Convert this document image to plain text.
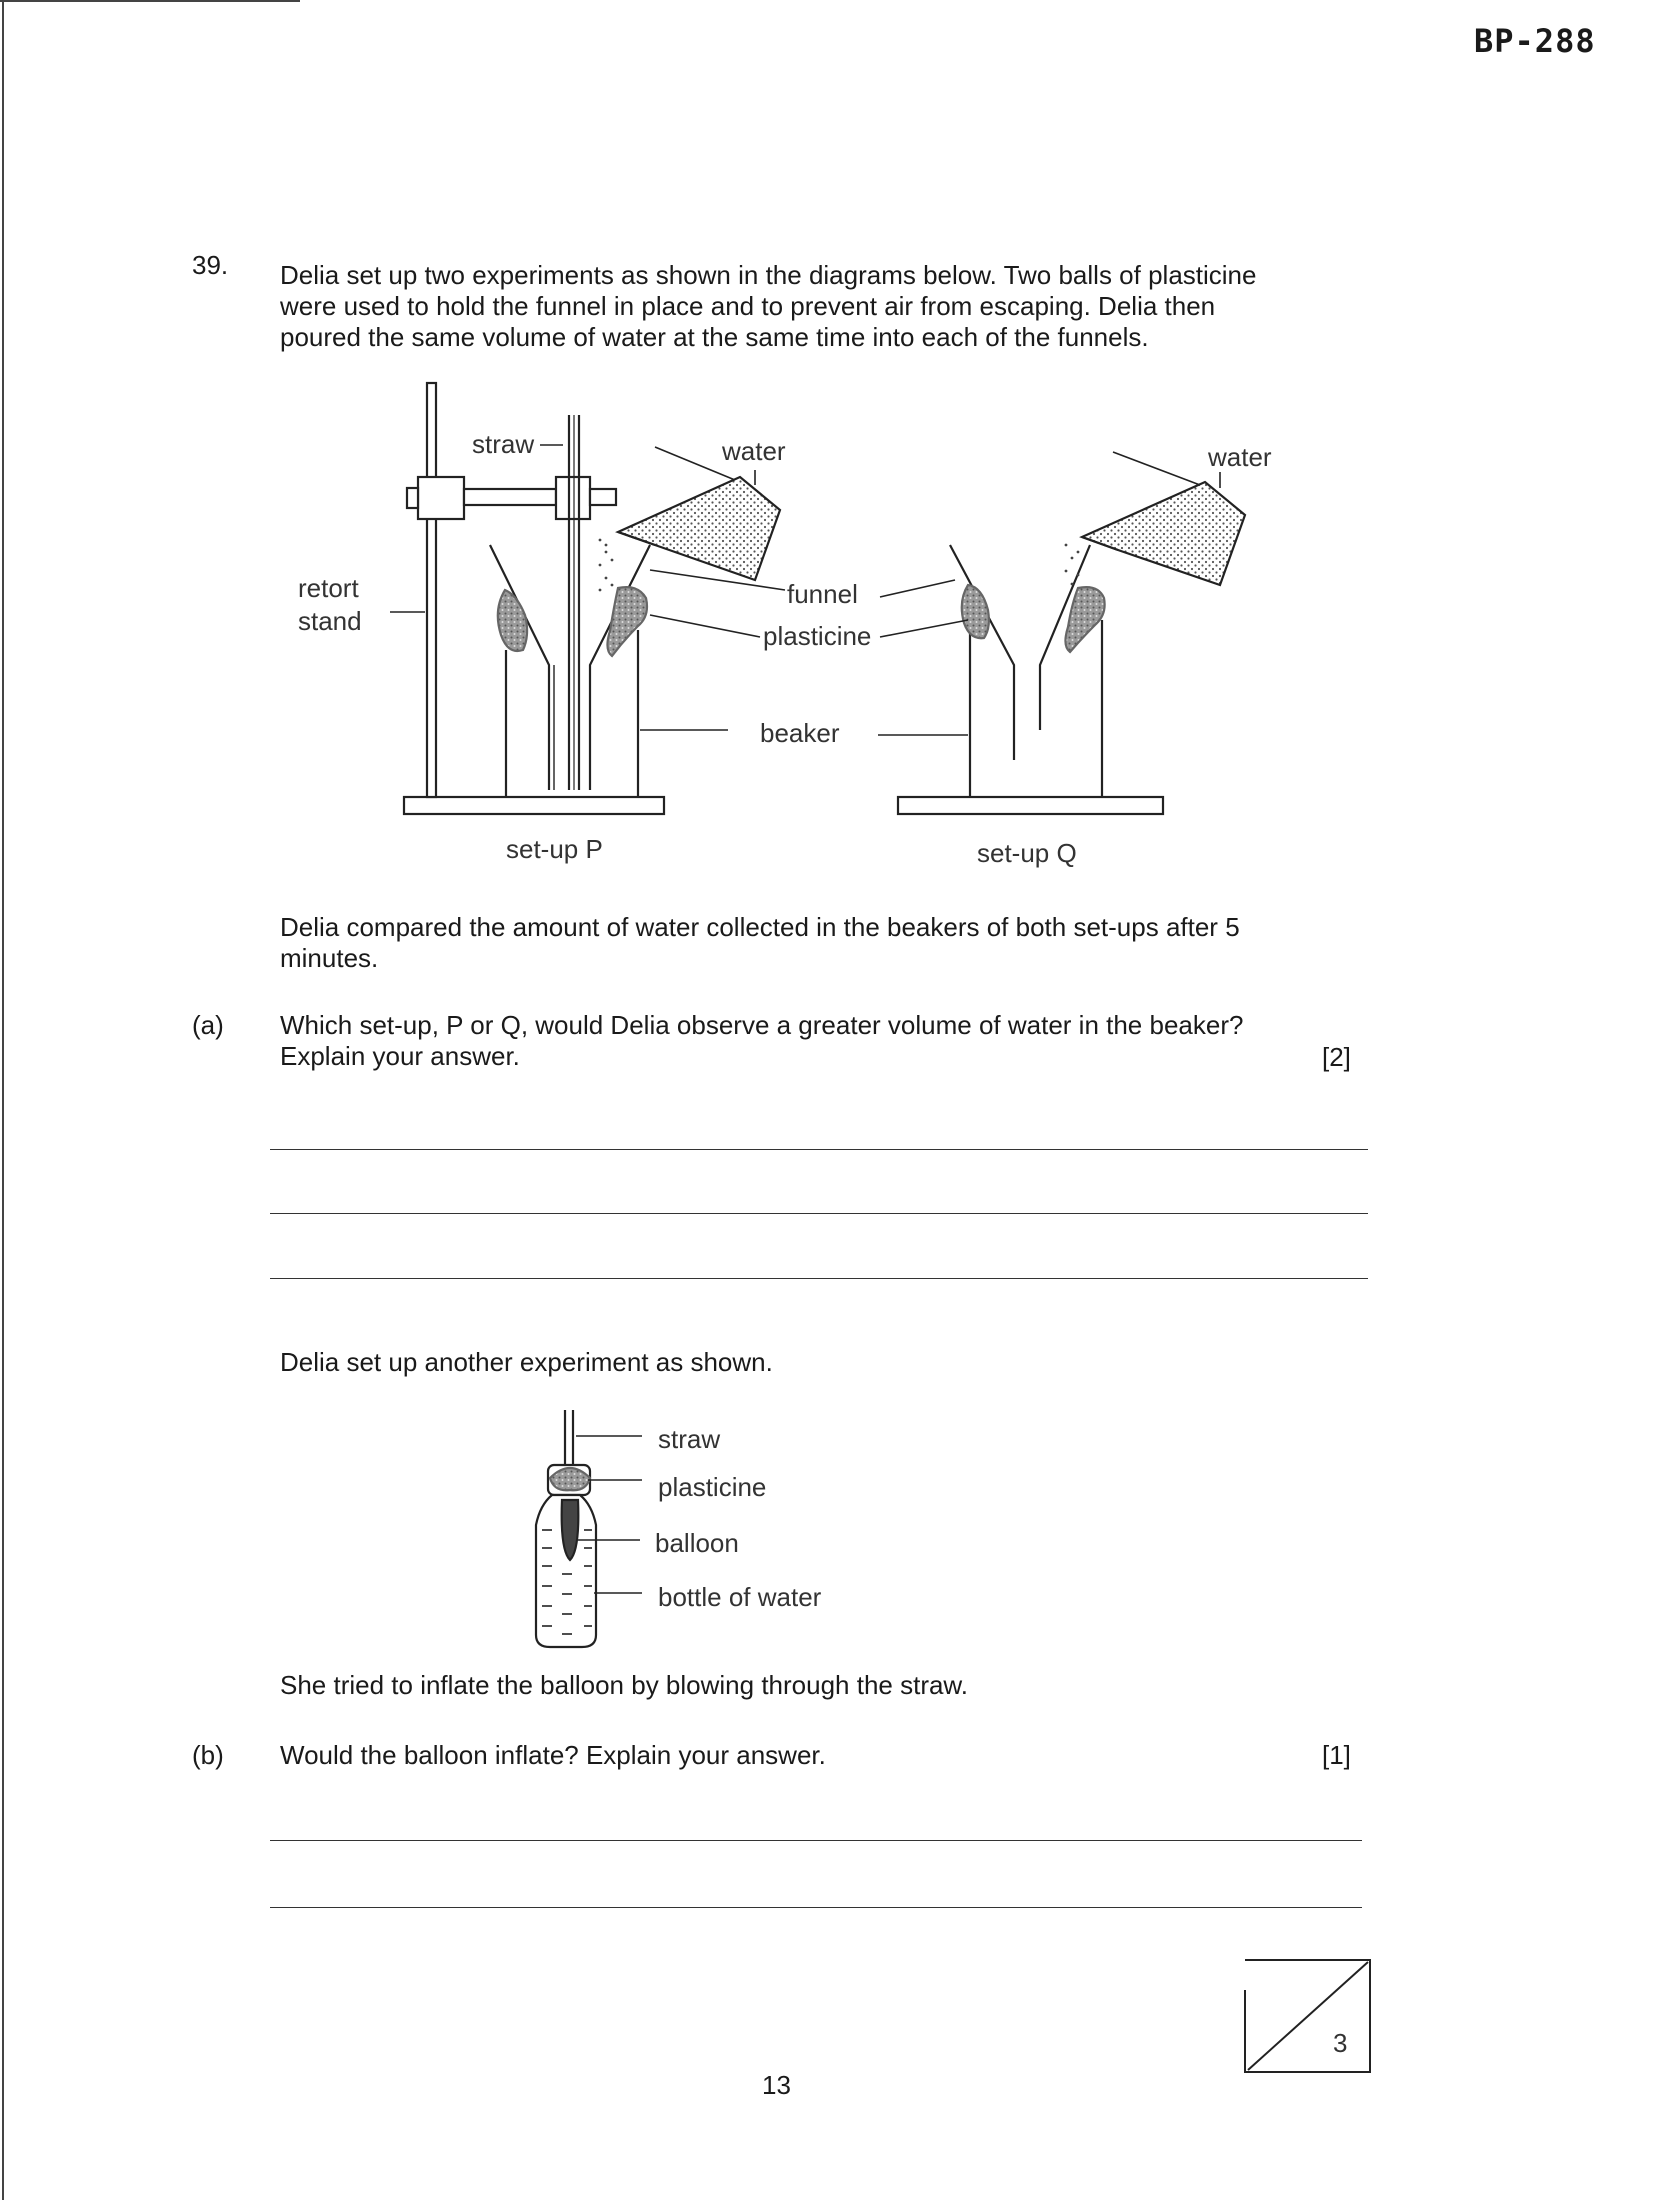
BP-288
39. Delia set up two experiments as shown in the diagrams below. Two balls of plasticine
were used to hold the funnel in place and to prevent air from escaping. Delia then
poured the same volume of water at the same time into each of the funnels.
straw	water	water
retort
stand
funnel
plasticine
beaker
set-up P	set-up Q
straw
plasticine
balloon
bottle of water
3
Delia compared the amount of water collected in the beakers of both set-ups after 5
minutes.
(a) Which set-up, P or Q, would Delia observe a greater volume of water in the beaker?
Explain your answer.	[2]
Delia set up another experiment as shown.
She tried to inflate the balloon by blowing through the straw.
(b) Would the balloon inflate? Explain your answer.	[1]
13
